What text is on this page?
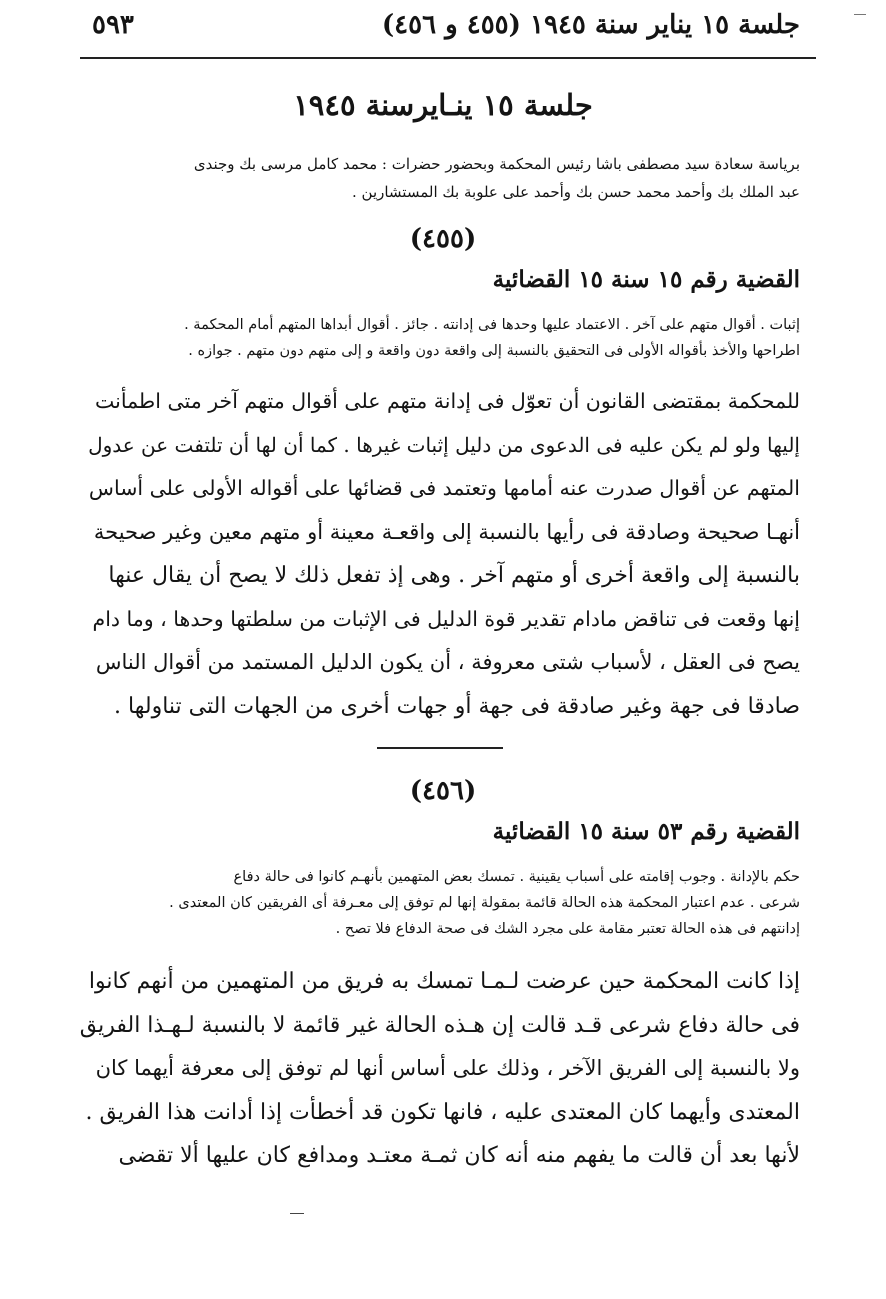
جلسة ١٥ يناير سنة ١٩٤٥ (٤٥٥ و ٤٥٦)
٥٩٣
جلسة ١٥ ينـايرسنة ١٩٤٥
برياسة سعادة سيد مصطفى باشا رئيس المحكمة وبحضور حضرات : محمد كامل مرسى بك وجندى
عبد الملك بك وأحمد محمد حسن بك وأحمد على علوبة بك المستشارين .
(٤٥٥)
القضية رقم ١٥ سنة ١٥ القضائية
إثبات . أقوال متهم على آخر . الاعتماد عليها وحدها فى إدانته . جائز . أقوال أبداها المتهم أمام المحكمة .
اطراحها والأخذ بأقواله الأولى فى التحقيق بالنسبة إلى واقعة دون واقعة و إلى متهم دون متهم . جوازه .
للمحكمة بمقتضى القانون أن تعوّل فى إدانة متهم على أقوال متهم آخر متى اطمأنت
إليها ولو لم يكن عليه فى الدعوى من دليل إثبات غيرها . كما أن لها أن تلتفت عن عدول
المتهم عن أقوال صدرت عنه أمامها وتعتمد فى قضائها على أقواله الأولى على أساس
أنهـا صحيحة وصادقة فى رأيها بالنسبة إلى واقعـة معينة أو متهم معين وغير صحيحة
بالنسبة إلى واقعة أخرى أو متهم آخر . وهى إذ تفعل ذلك لا يصح أن يقال عنها
إنها وقعت فى تناقض مادام تقدير قوة الدليل فى الإثبات من سلطتها وحدها ، وما دام
يصح فى العقل ، لأسباب شتى معروفة ، أن يكون الدليل المستمد من أقوال الناس
صادقا فى جهة وغير صادقة فى جهة أو جهات أخرى من الجهات التى تناولها .
(٤٥٦)
القضية رقم ٥٣ سنة ١٥ القضائية
حكم بالإدانة . وجوب إقامته على أسباب يقينية . تمسك بعض المتهمين بأنهـم كانوا فى حالة دفاع
شرعى . عدم اعتبار المحكمة هذه الحالة قائمة بمقولة إنها لم توفق إلى معـرفة أى الفريقين كان المعتدى .
إدانتهم فى هذه الحالة تعتبر مقامة على مجرد الشك فى صحة الدفاع فلا تصح .
إذا كانت المحكمة حين عرضت لـمـا تمسك به فريق من المتهمين من أنهم كانوا
فى حالة دفاع شرعى قـد قالت إن هـذه الحالة غير قائمة لا بالنسبة لـهـذا الفريق
ولا بالنسبة إلى الفريق الآخر ، وذلك على أساس أنها لم توفق إلى معرفة أيهما كان
المعتدى وأيهما كان المعتدى عليه ، فانها تكون قد أخطأت إذا أدانت هذا الفريق .
لأنها بعد أن قالت ما يفهم منه أنه كان ثمـة معتـد ومدافع كان عليها ألا تقضى
